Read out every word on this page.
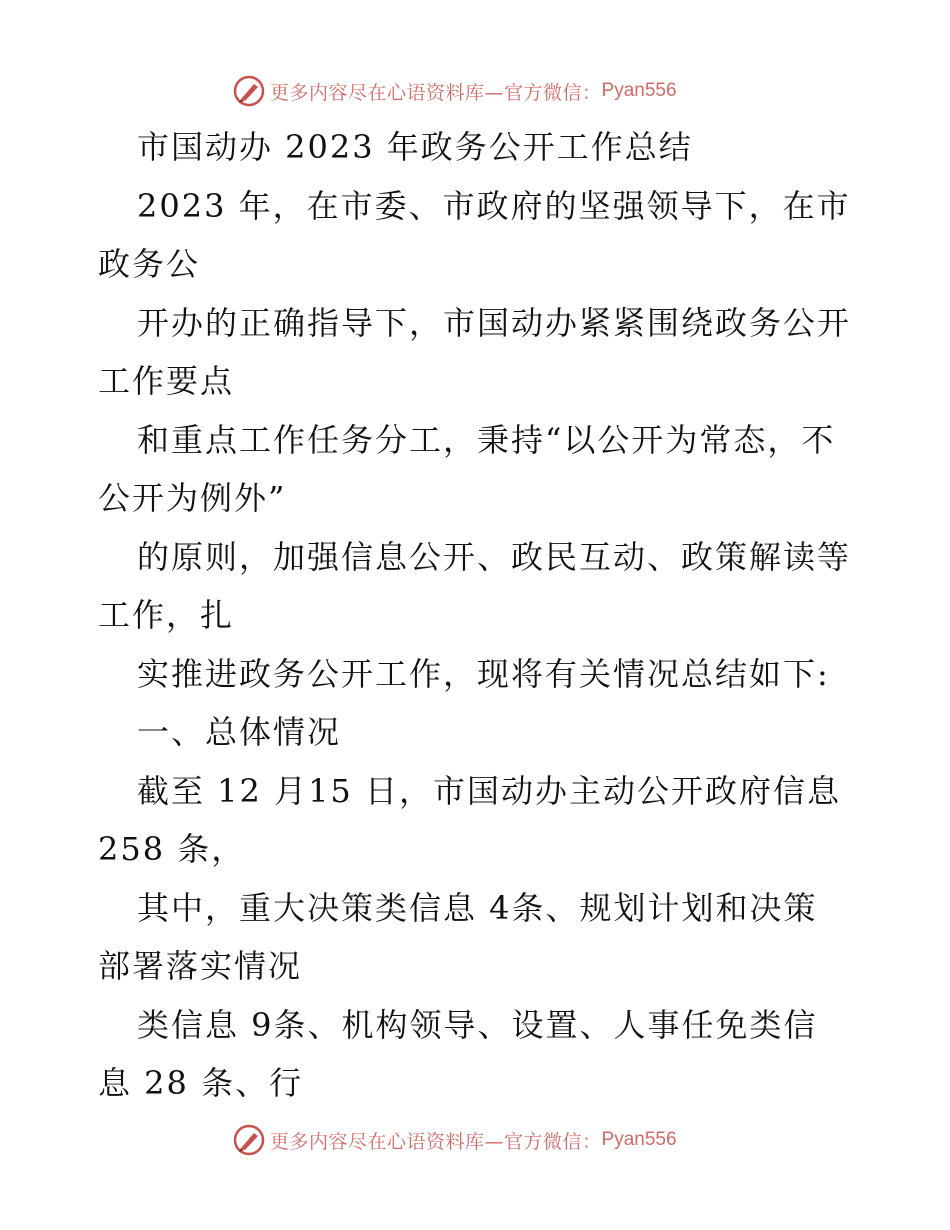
更多内容尽在心语资料库—官方微信： Pyan556
市国动办 2023 年政务公开工作总结
2023 年，在市委、市政府的坚强领导下，在市
政务公
开办的正确指导下，市国动办紧紧围绕政务公开
工作要点
和重点工作任务分工，秉持“以公开为常态，不
公开为例外”
的原则，加强信息公开、政民互动、政策解读等
工作，扎
实推进政务公开工作，现将有关情况总结如下:
一、总体情况
截至 12 月15 日，市国动办主动公开政府信息
258 条，
其中，重大决策类信息 4条、规划计划和决策
部署落实情况
类信息 9条、机构领导、设置、人事任免类信
息 28 条、行
更多内容尽在心语资料库—官方微信： Pyan556
